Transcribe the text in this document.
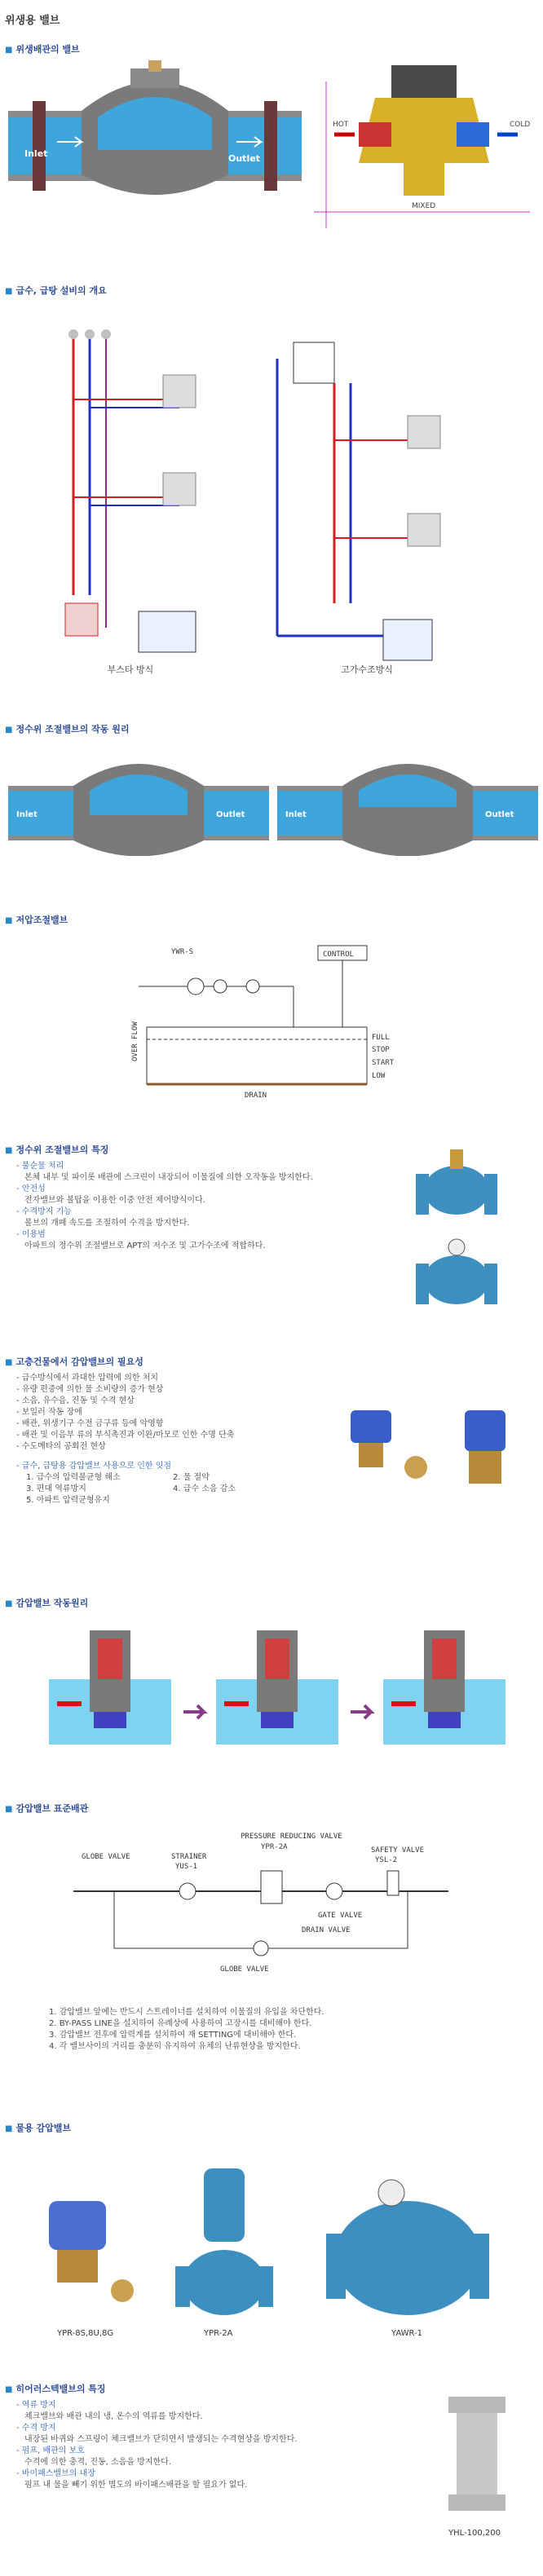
위생용 밸브
■ 위생배관의 밸브
Inlet	Outlet
HOT	COLD
MIXED
■ 급수, 급탕 설비의 개요
부스타 방식	고가수조방식
■ 정수위 조절밸브의 작동 원리
Inlet	Outlet	Inlet	Outlet
■ 저압조절밸브
CONTROL
YWR-S
FULL
STOP
START
LOW
DRAIN
OVER FLOW
■ 정수위 조절밸브의 특징
- 불순물 처리
본체 내부 및 파이롯 배관에 스크린이 내장되어 이물질에 의한 오작동을 방지한다.
- 안전성
전자밸브와 볼탑을 이용한 이중 안전 제어방식이다.
- 수격방지 기능
볼브의 개폐 속도를 조절하여 수격을 방지한다.
- 이용범
아파트의 정수위 조절밸브로 APT의 저수조 및 고가수조에 적합하다.
■ 고층건물에서 감압밸브의 필요성
- 급수방식에서 과대한 압력에 의한 처치
- 유량 편중에 의한 물 소비량의 증가 현상
- 소음, 유수음, 진동 및 수격 현상
- 보일러 작동 장애
- 배관, 위생기구 수전 금구류 등에 악영향
- 배관 및 이음부 류의 부식촉진과 이완/마모로 인한 수명 단축
- 수도메타의 공회전 현상
- 급수, 급탕용 감압밸브 사용으로 인한 잇점
1. 급수의 압력불균형 해소	2. 물 절약
3. 편대 역류방지	4. 급수 소음 감소
5. 아파트 압력균형유지
■ 감압밸브 작동원리
■ 감압밸브 표준배관
PRESSURE REDUCING VALVE
YPR-2A
STRAINER
YUS-1
GLOBE VALVE
SAFETY VALVE
YSL-2
GATE VALVE
DRAIN VALVE
GLOBE VALVE
1. 감압밸브 앞에는 반드시 스트레이너를 설치하여 이물질의 유입을 차단한다.
2. BY-PASS LINE을 설치하여 유례상에 사용하여 고장시를 대비해야 한다.
3. 감압밸브 전후에 압력계를 설치하여 재 SETTING에 대비해야 한다.
4. 각 밸브사이의 거리를 충분히 유지하여 유체의 난류현상을 방지한다.
■ 물용 감압밸브
YPR-8S,8U,8G	YPR-2A	YAWR-1
■ 히어러스텍밸브의 특징
- 역류 방지
체크밸브와 배관 내의 냉, 온수의 역류를 방지한다.
- 수격 방지
내장된 바퀴와 스프링이 체크밸브가 닫히면서 발생되는 수격현상을 방지한다.
- 펌프, 배관의 보호
수격에 의한 충격, 진동, 소음을 방지한다.
- 바이패스밸브의 내장
펌프 내 물을 빼기 위한 별도의 바이패스배관을 할 필요가 없다.
YHL-100,200
